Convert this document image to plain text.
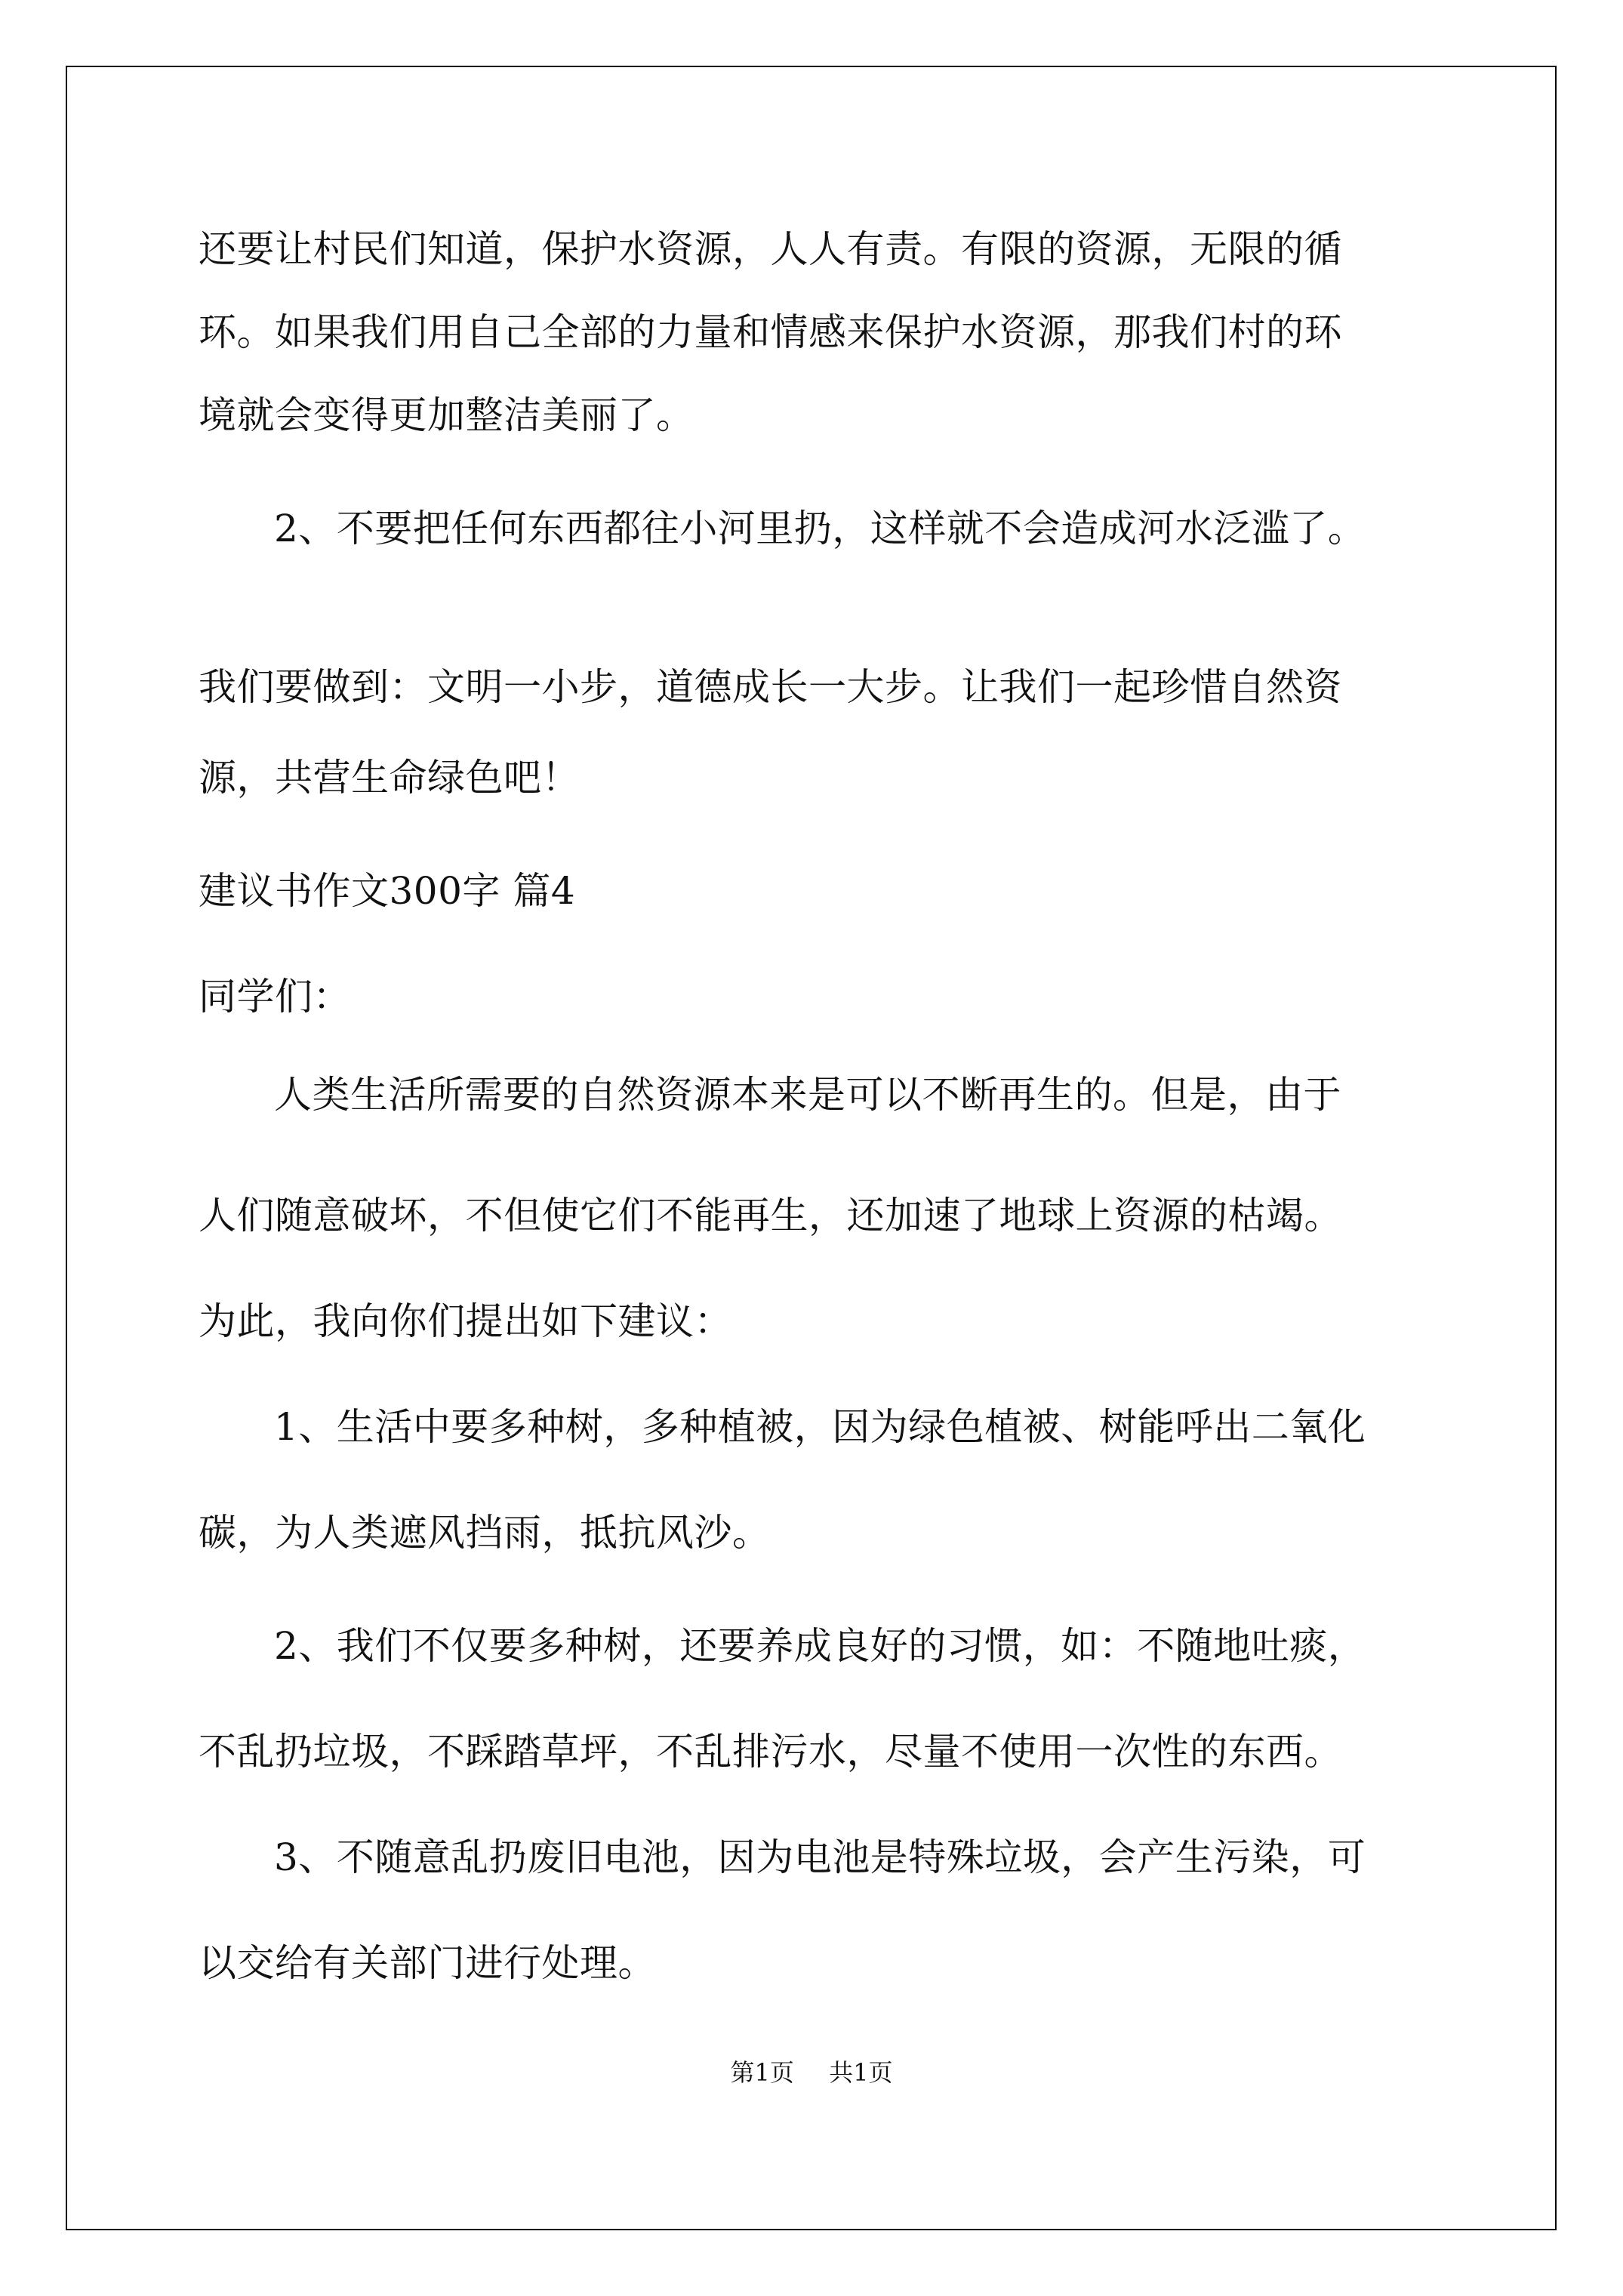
还要让村民们知道，保护水资源，人人有责。有限的资源，无限的循

环。如果我们用自己全部的力量和情感来保护水资源，那我们村的环

境就会变得更加整洁美丽了。

2、不要把任何东西都往小河里扔，这样就不会造成河水泛滥了。

我们要做到：文明一小步，道德成长一大步。让我们一起珍惜自然资

源，共营生命绿色吧！

建议书作文300字 篇4

同学们：

人类生活所需要的自然资源本来是可以不断再生的。但是，由于

人们随意破坏，不但使它们不能再生，还加速了地球上资源的枯竭。

为此，我向你们提出如下建议：

1、生活中要多种树，多种植被，因为绿色植被、树能呼出二氧化

碳，为人类遮风挡雨，抵抗风沙。

2、我们不仅要多种树，还要养成良好的习惯，如：不随地吐痰，

不乱扔垃圾，不踩踏草坪，不乱排污水，尽量不使用一次性的东西。

3、不随意乱扔废旧电池，因为电池是特殊垃圾，会产生污染，可

以交给有关部门进行处理。

第1页 共1页
